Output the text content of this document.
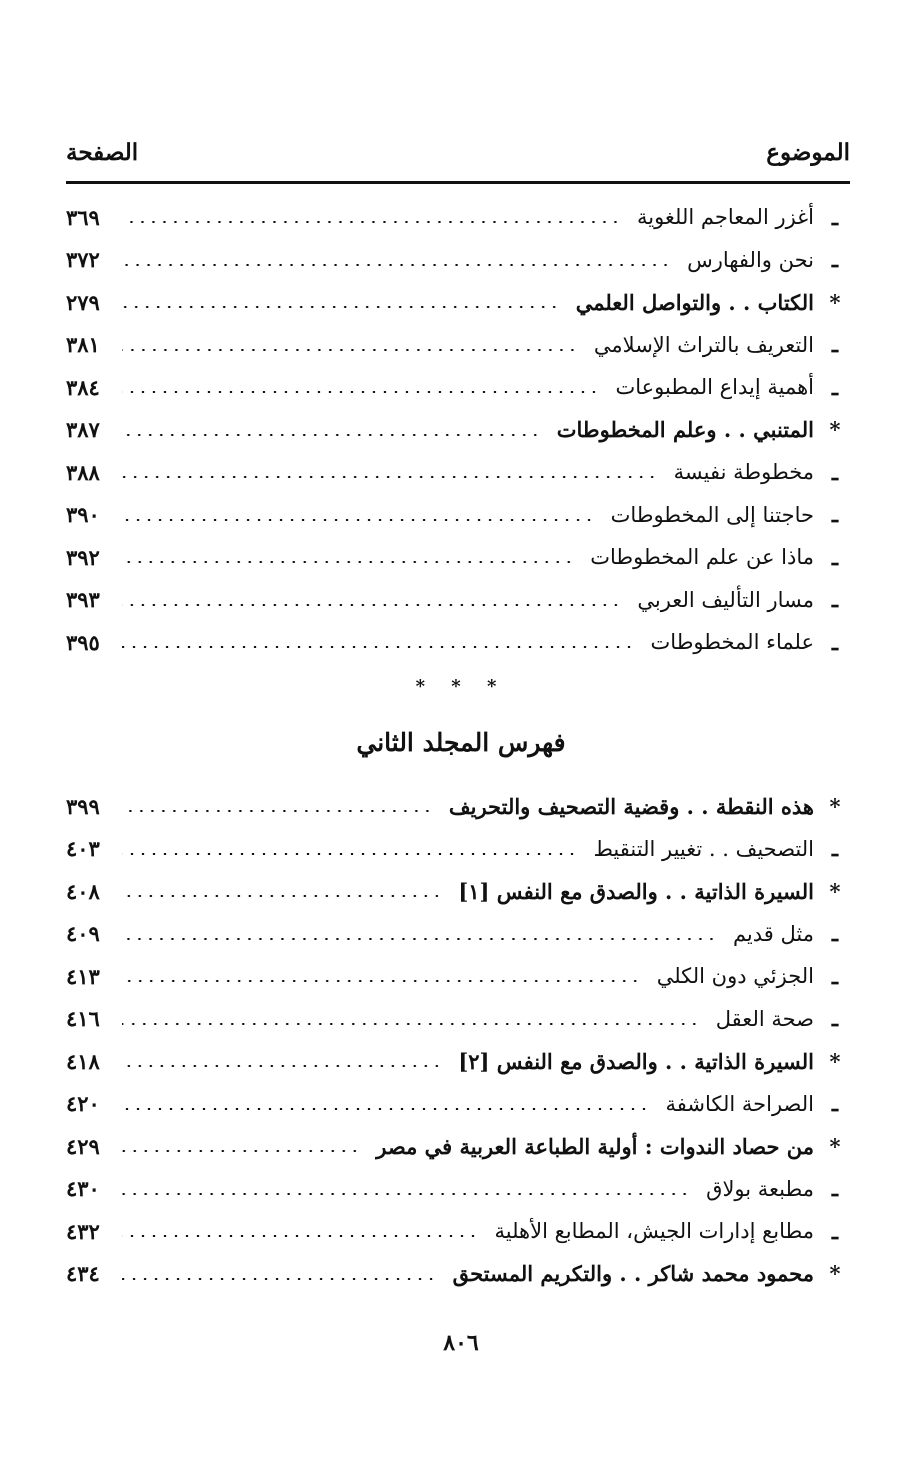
الموضوع
الصفحة
ـ
أغزر المعاجم اللغوية
٣٦٩
ـ
نحن والفهارس
٣٧٢
*
الكتاب . . والتواصل العلمي
٢٧٩
ـ
التعريف بالتراث الإسلامي
٣٨١
ـ
أهمية إيداع المطبوعات
٣٨٤
*
المتنبي . . وعلم المخطوطات
٣٨٧
ـ
مخطوطة نفيسة
٣٨٨
ـ
حاجتنا إلى المخطوطات
٣٩٠
ـ
ماذا عن علم المخطوطات
٣٩٢
ـ
مسار التأليف العربي
٣٩٣
ـ
علماء المخطوطات
٣٩٥
* * *
فهرس المجلد الثاني
*
هذه النقطة . . وقضية التصحيف والتحريف
٣٩٩
ـ
التصحيف . . تغيير التنقيط
٤٠٣
*
السيرة الذاتية . . والصدق مع النفس [١]
٤٠٨
ـ
مثل قديم
٤٠٩
ـ
الجزئي دون الكلي
٤١٣
ـ
صحة العقل
٤١٦
*
السيرة الذاتية . . والصدق مع النفس [٢]
٤١٨
ـ
الصراحة الكاشفة
٤٢٠
*
من حصاد الندوات : أولية الطباعة العربية في مصر
٤٢٩
ـ
مطبعة بولاق
٤٣٠
ـ
مطابع إدارات الجيش، المطابع الأهلية
٤٣٢
*
محمود محمد شاكر . . والتكريم المستحق
٤٣٤
٨٠٦
